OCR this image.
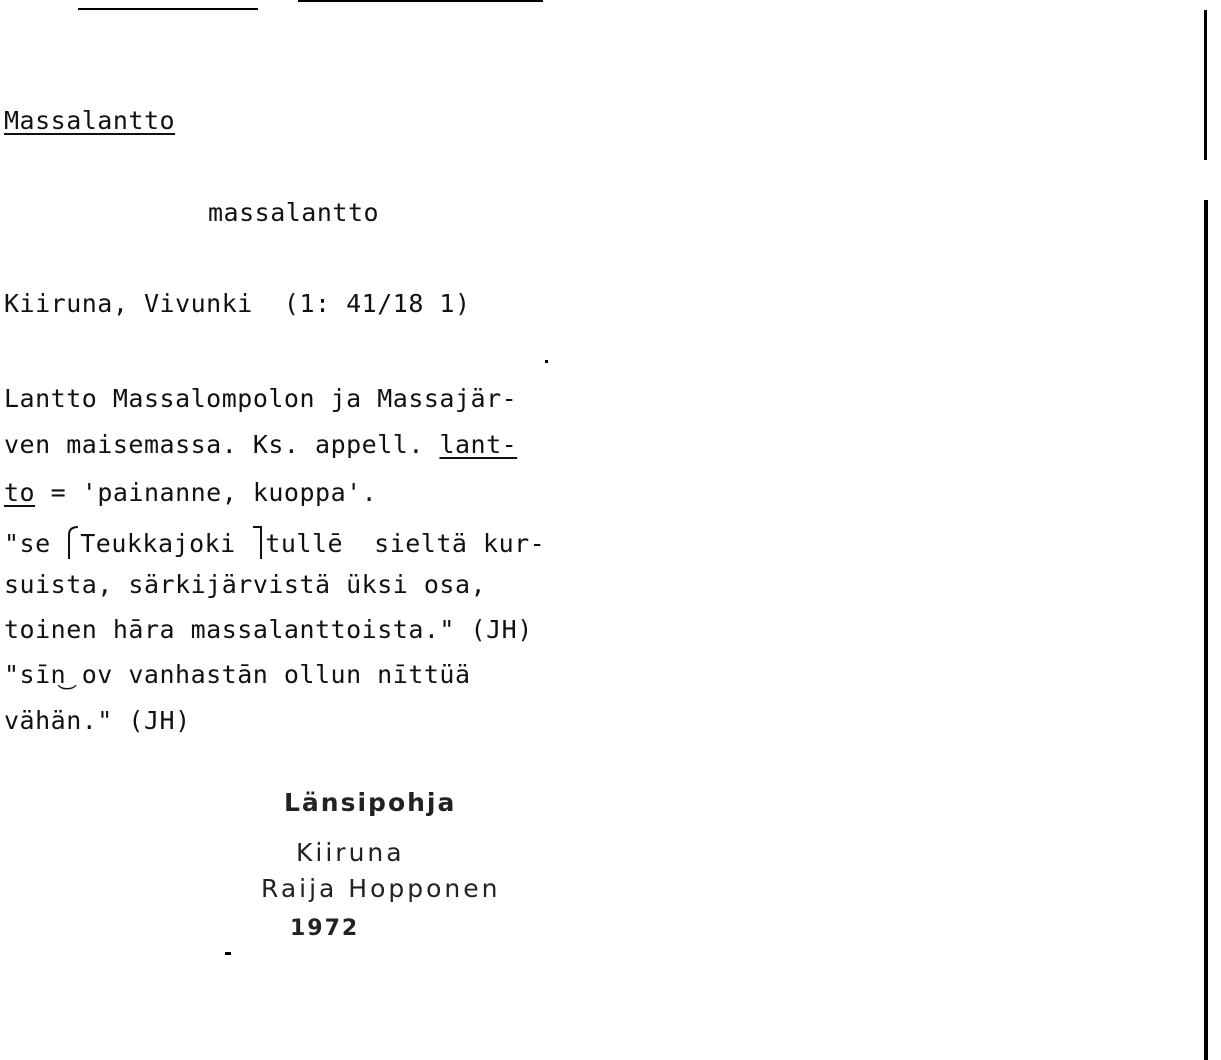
Massalantto
massalantto
Kiiruna, Vivunki  (1: 41/18 1)
Lantto Massalompolon ja Massajär-
ven maisemassa. Ks. appell. lant-
to = 'painanne, kuoppa'.
"se
Teukkajoki
tullē  sieltä kur-
suista, särkijärvistä üksi osa,
toinen hāra massalanttoista." (JH)
"sīn͜ ov vanhastān ollun nīttüä
vähän." (JH)
Länsipohja
Kiiruna
Raija Hopponen
1972
